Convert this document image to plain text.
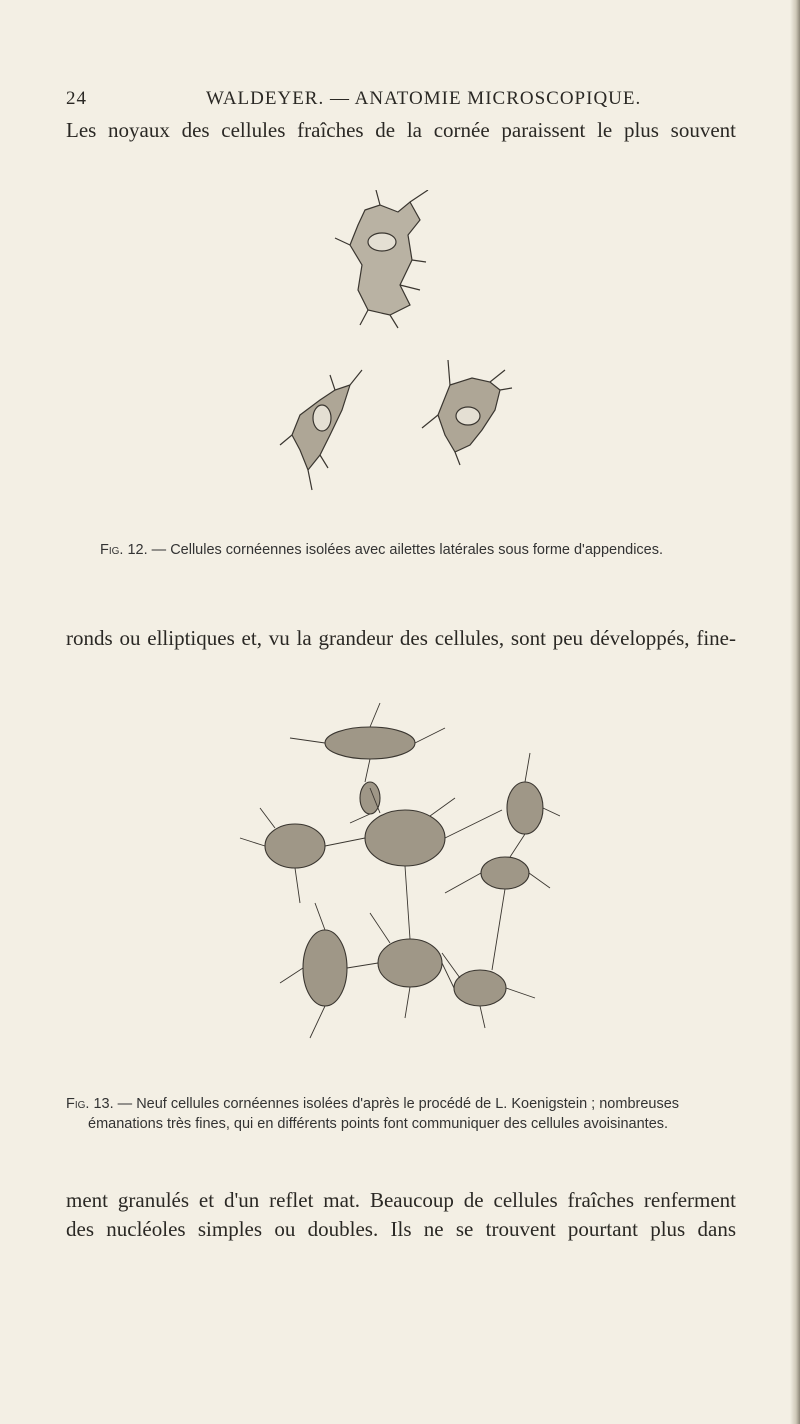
24	WALDEYER. — ANATOMIE MICROSCOPIQUE.

Les noyaux des cellules fraîches de la cornée paraissent le plus souvent

Fig. 12. — Cellules cornéennes isolées avec ailettes latérales sous forme d'appendices.

ronds ou elliptiques et, vu la grandeur des cellules, sont peu développés, fine-

Fig. 13. — Neuf cellules cornéennes isolées d'après le procédé de L. Koenigstein ; nombreuses
émanations très fines, qui en différents points font communiquer des cellules avoisinantes.

ment granulés et d'un reflet mat. Beaucoup de cellules fraîches renferment

des nucléoles simples ou doubles. Ils ne se trouvent pourtant plus dans
